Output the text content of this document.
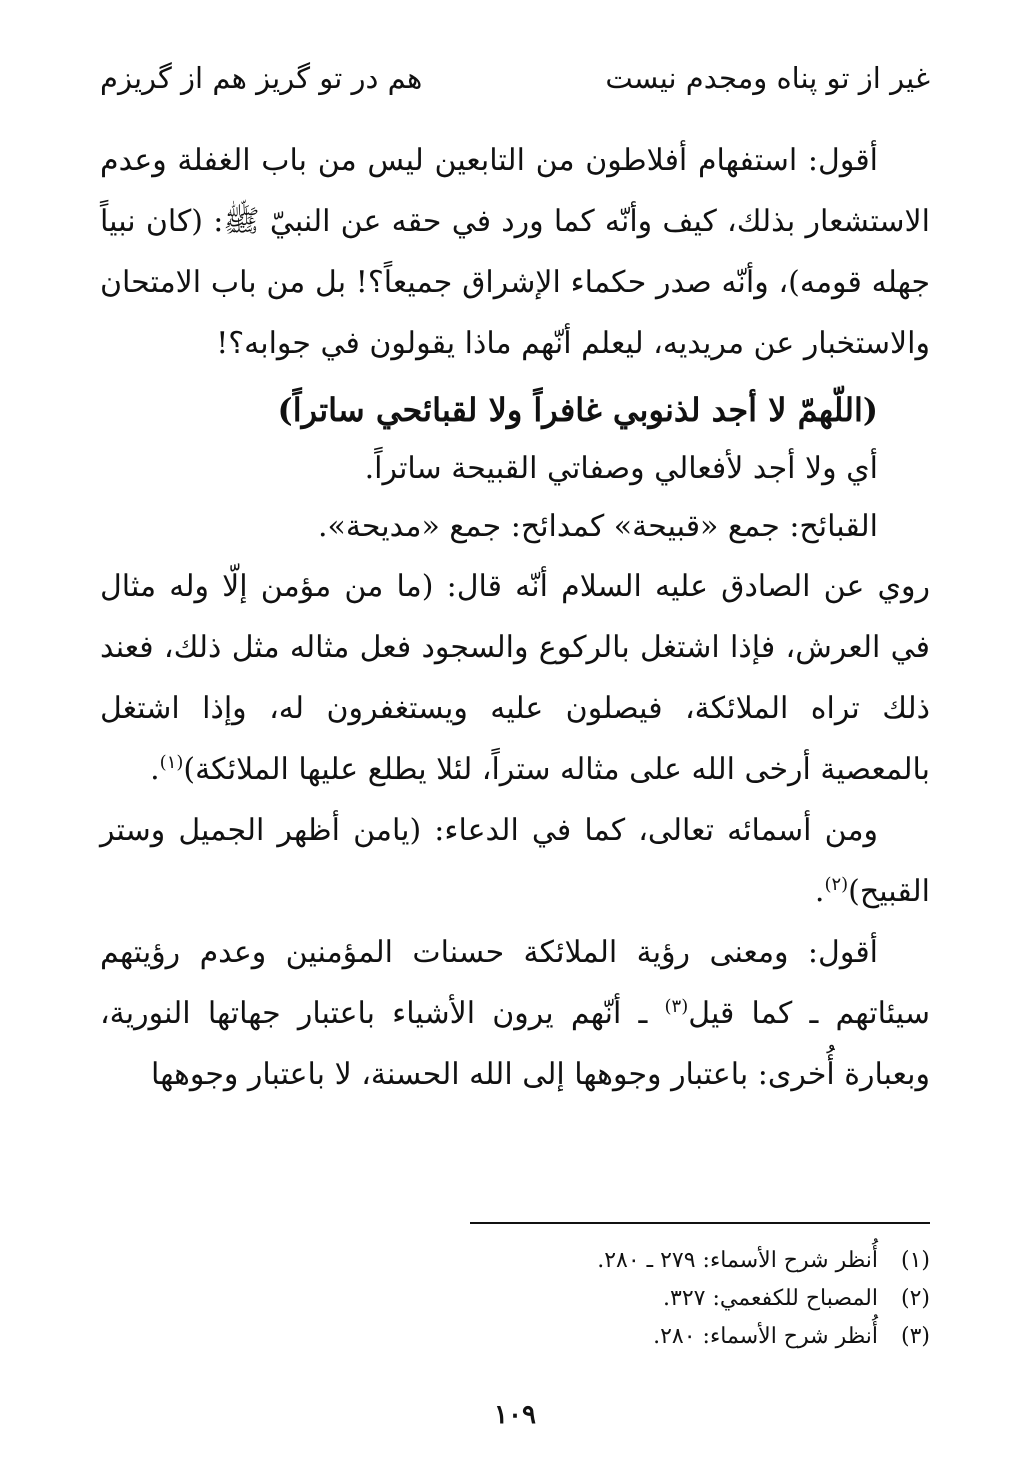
غير از تو پناه ومجدم نيست
هم در تو گريز هم از گريزم

أقول: استفهام أفلاطون من التابعين ليس من باب الغفلة وعدم الاستشعار بذلك، كيف وأنّه كما ورد في حقه عن النبيّ ﷺ: (كان نبياً جهله قومه)، وأنّه صدر حكماء الإشراق جميعاً؟! بل من باب الامتحان والاستخبار عن مريديه، ليعلم أنّهم ماذا يقولون في جوابه؟!

(اللّهمّ لا أجد لذنوبي غافراً ولا لقبائحي ساتراً)
أي ولا أجد لأفعالي وصفاتي القبيحة ساتراً.
القبائح: جمع «قبيحة» كمدائح: جمع «مديحة».

روي عن الصادق عليه السلام أنّه قال: (ما من مؤمن إلّا وله مثال في العرش، فإذا اشتغل بالركوع والسجود فعل مثاله مثل ذلك، فعند ذلك تراه الملائكة، فيصلون عليه ويستغفرون له، وإذا اشتغل بالمعصية أرخى الله على مثاله ستراً، لئلا يطلع عليها الملائكة)$^{(١)}$.

ومن أسمائه تعالى، كما في الدعاء: (يامن أظهر الجميل وستر القبيح)$^{(٢)}$.

أقول: ومعنى رؤية الملائكة حسنات المؤمنين وعدم رؤيتهم سيئاتهم ـ كما قيل$^{(٣)}$ ـ أنّهم يرون الأشياء باعتبار جهاتها النورية، وبعبارة أُخرى: باعتبار وجوهها إلى الله الحسنة، لا باعتبار وجوهها

(١)أُنظر شرح الأسماء: ٢٧٩ ـ ٢٨٠.
(٢)المصباح للكفعمي: ٣٢٧.
(٣)أُنظر شرح الأسماء: ٢٨٠.
١٠٩
